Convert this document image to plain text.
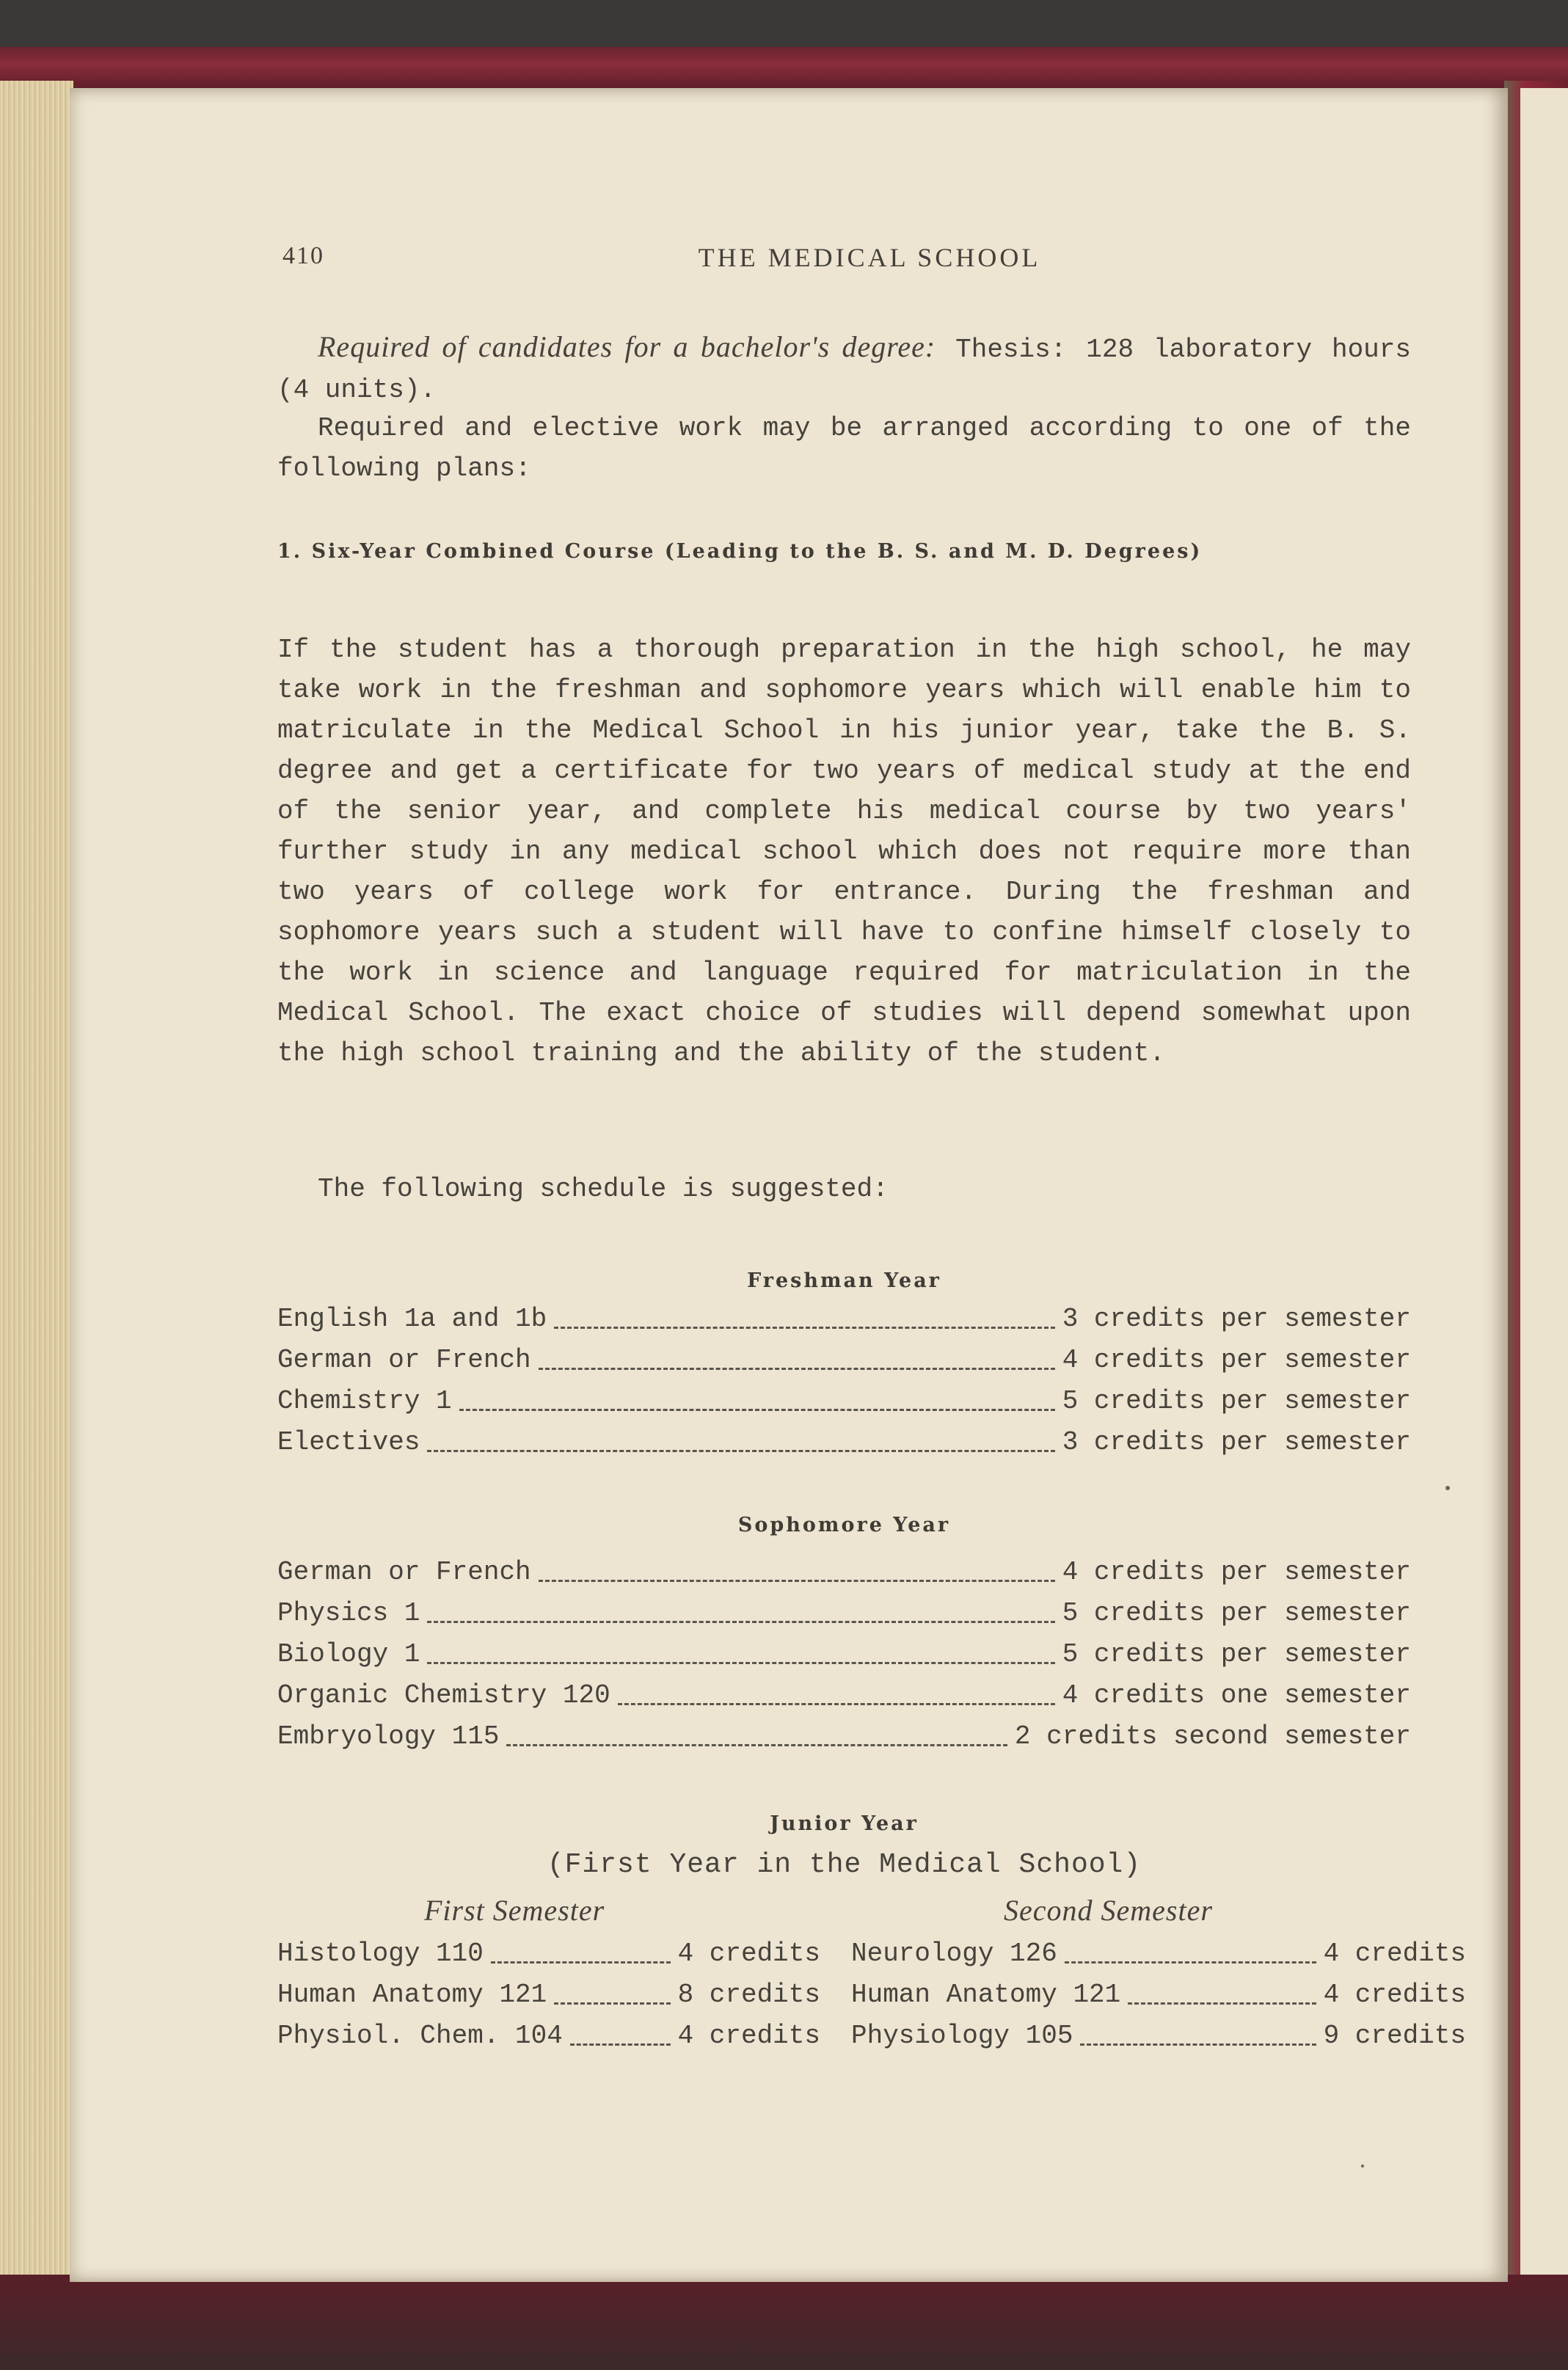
410	THE MEDICAL SCHOOL
Required of candidates for a bachelor's degree: Thesis: 128 laboratory hours (4 units).
Required and elective work may be arranged according to one of the following plans:
1. Six-Year Combined Course (Leading to the B. S. and M. D. Degrees)
If the student has a thorough preparation in the high school, he may take work in the freshman and sophomore years which will enable him to matriculate in the Medical School in his junior year, take the B. S. degree and get a certificate for two years of medical study at the end of the senior year, and complete his medical course by two years' further study in any medical school which does not require more than two years of college work for entrance. During the freshman and sophomore years such a student will have to confine himself closely to the work in science and language required for matriculation in the Medical School. The exact choice of studies will depend somewhat upon the high school training and the ability of the student.
The following schedule is suggested:
Freshman Year
English 1a and 1b	3 credits per semester
German or French	4 credits per semester
Chemistry 1	5 credits per semester
Electives	3 credits per semester
Sophomore Year
German or French	4 credits per semester
Physics 1	5 credits per semester
Biology 1	5 credits per semester
Organic Chemistry 120	4 credits one semester
Embryology 115	2 credits second semester
Junior Year
(First Year in the Medical School)
First Semester	Second Semester
Histology 110	4 credits
Human Anatomy 121	8 credits
Physiol. Chem. 104	4 credits
Neurology 126	4 credits
Human Anatomy 121	4 credits
Physiology 105	9 credits
